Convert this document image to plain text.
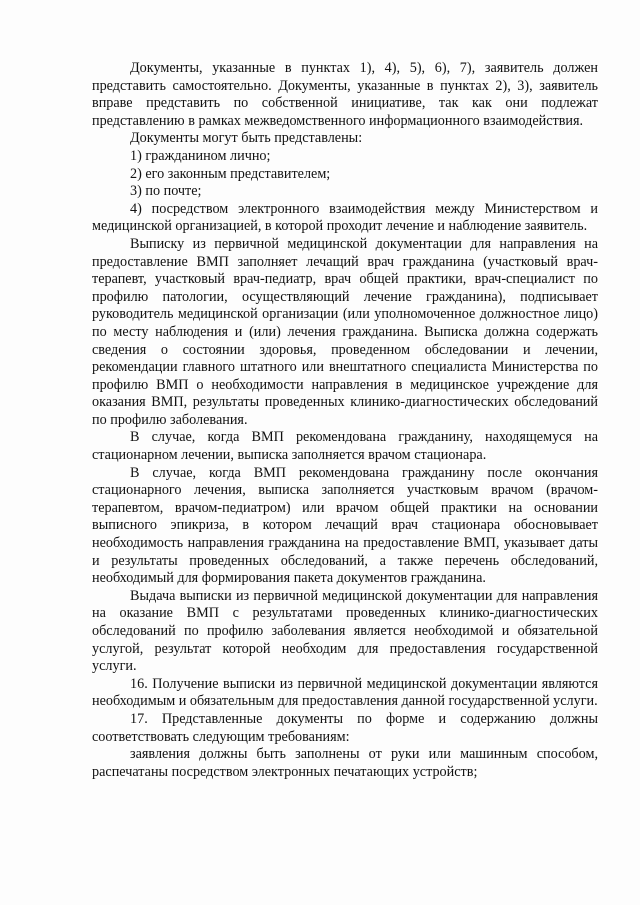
Документы, указанные в пунктах 1), 4), 5), 6), 7), заявитель должен представить самостоятельно. Документы, указанные в пунктах 2), 3), заявитель вправе представить по собственной инициативе, так как они подлежат представлению в рамках межведомственного информационного взаимодействия.

Документы могут быть представлены:

1) гражданином лично;

2) его законным представителем;

3) по почте;

4) посредством электронного взаимодействия между Министерством и медицинской организацией, в которой проходит лечение и наблюдение заявитель.

Выписку из первичной медицинской документации для направления на предоставление ВМП заполняет лечащий врач гражданина (участковый врач-терапевт, участковый врач-педиатр, врач общей практики, врач-специалист по профилю патологии, осуществляющий лечение гражданина), подписывает руководитель медицинской организации (или уполномоченное должностное лицо) по месту наблюдения и (или) лечения гражданина. Выписка должна содержать сведения о состоянии здоровья, проведенном обследовании и лечении, рекомендации главного штатного или внештатного специалиста Министерства по профилю ВМП о необходимости направления в медицинское учреждение для оказания ВМП, результаты проведенных клинико-диагностических обследований по профилю заболевания.

В случае, когда ВМП рекомендована гражданину, находящемуся на стационарном лечении, выписка заполняется врачом стационара.

В случае, когда ВМП рекомендована гражданину после окончания стационарного лечения, выписка заполняется участковым врачом (врачом-терапевтом, врачом-педиатром) или врачом общей практики на основании выписного эпикриза, в котором лечащий врач стационара обосновывает необходимость направления гражданина на предоставление ВМП, указывает даты и результаты проведенных обследований, а также перечень обследований, необходимый для формирования пакета документов гражданина.

Выдача выписки из первичной медицинской документации для направления на оказание ВМП с результатами проведенных клинико-диагностических обследований по профилю заболевания является необходимой и обязательной услугой, результат которой необходим для предоставления государственной услуги.

16. Получение выписки из первичной медицинской документации являются необходимым и обязательным для предоставления данной государственной услуги.

17. Представленные документы по форме и содержанию должны соответствовать следующим требованиям:

заявления должны быть заполнены от руки или машинным способом, распечатаны посредством электронных печатающих устройств;
